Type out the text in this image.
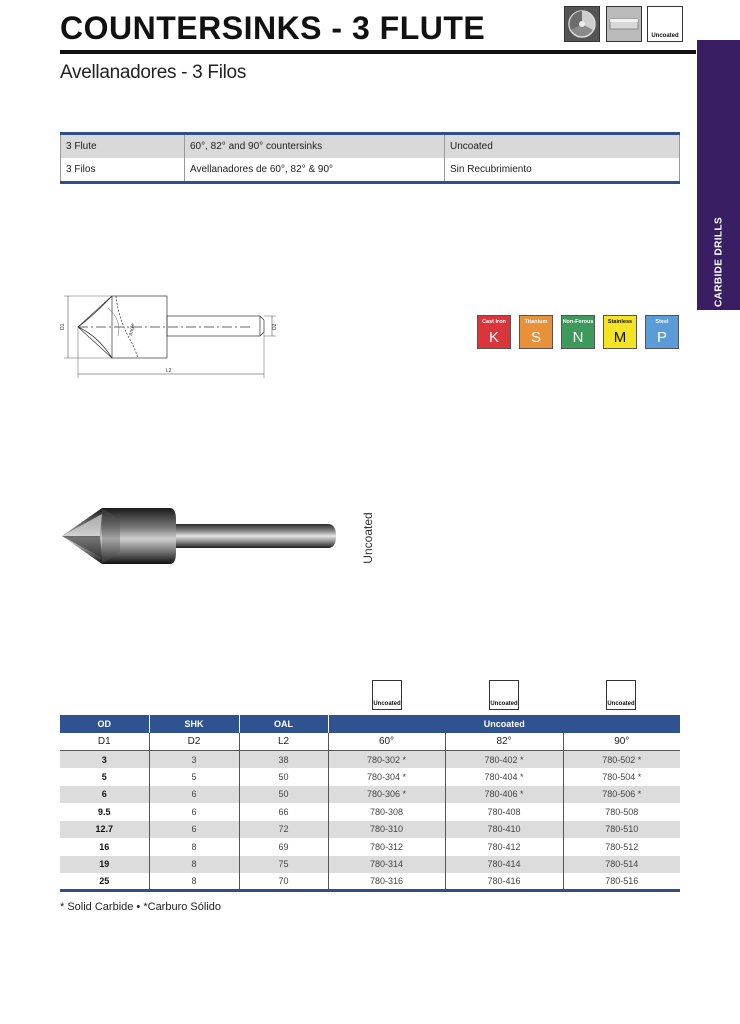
COUNTERSINKS - 3 FLUTE
Avellanadores - 3 Filos
Uncoated
CARBIDE DRILLS
3 Flute	60°, 82° and 90° countersinks	Uncoated
3 Filos	Avellanadores de 60°, 82° & 90°	Sin Recubrimiento
D1	D2
L2
Angle
Cast Iron
K
Titanium
S
Non-Ferous
N
Stainless
M
Steel
P
Uncoated
Uncoated	Uncoated	Uncoated
OD	SHK	OAL	Uncoated		
D1	D2	L2	60°	82°	90°
3	3	38	780-302 *	780-402 *	780-502 *
5	5	50	780-304 *	780-404 *	780-504 *
6	6	50	780-306 *	780-406 *	780-506 *
9.5	6	66	780-308	780-408	780-508
12.7	6	72	780-310	780-410	780-510
16	8	69	780-312	780-412	780-512
19	8	75	780-314	780-414	780-514
25	8	70	780-316	780-416	780-516
* Solid Carbide • *Carburo Sólido
